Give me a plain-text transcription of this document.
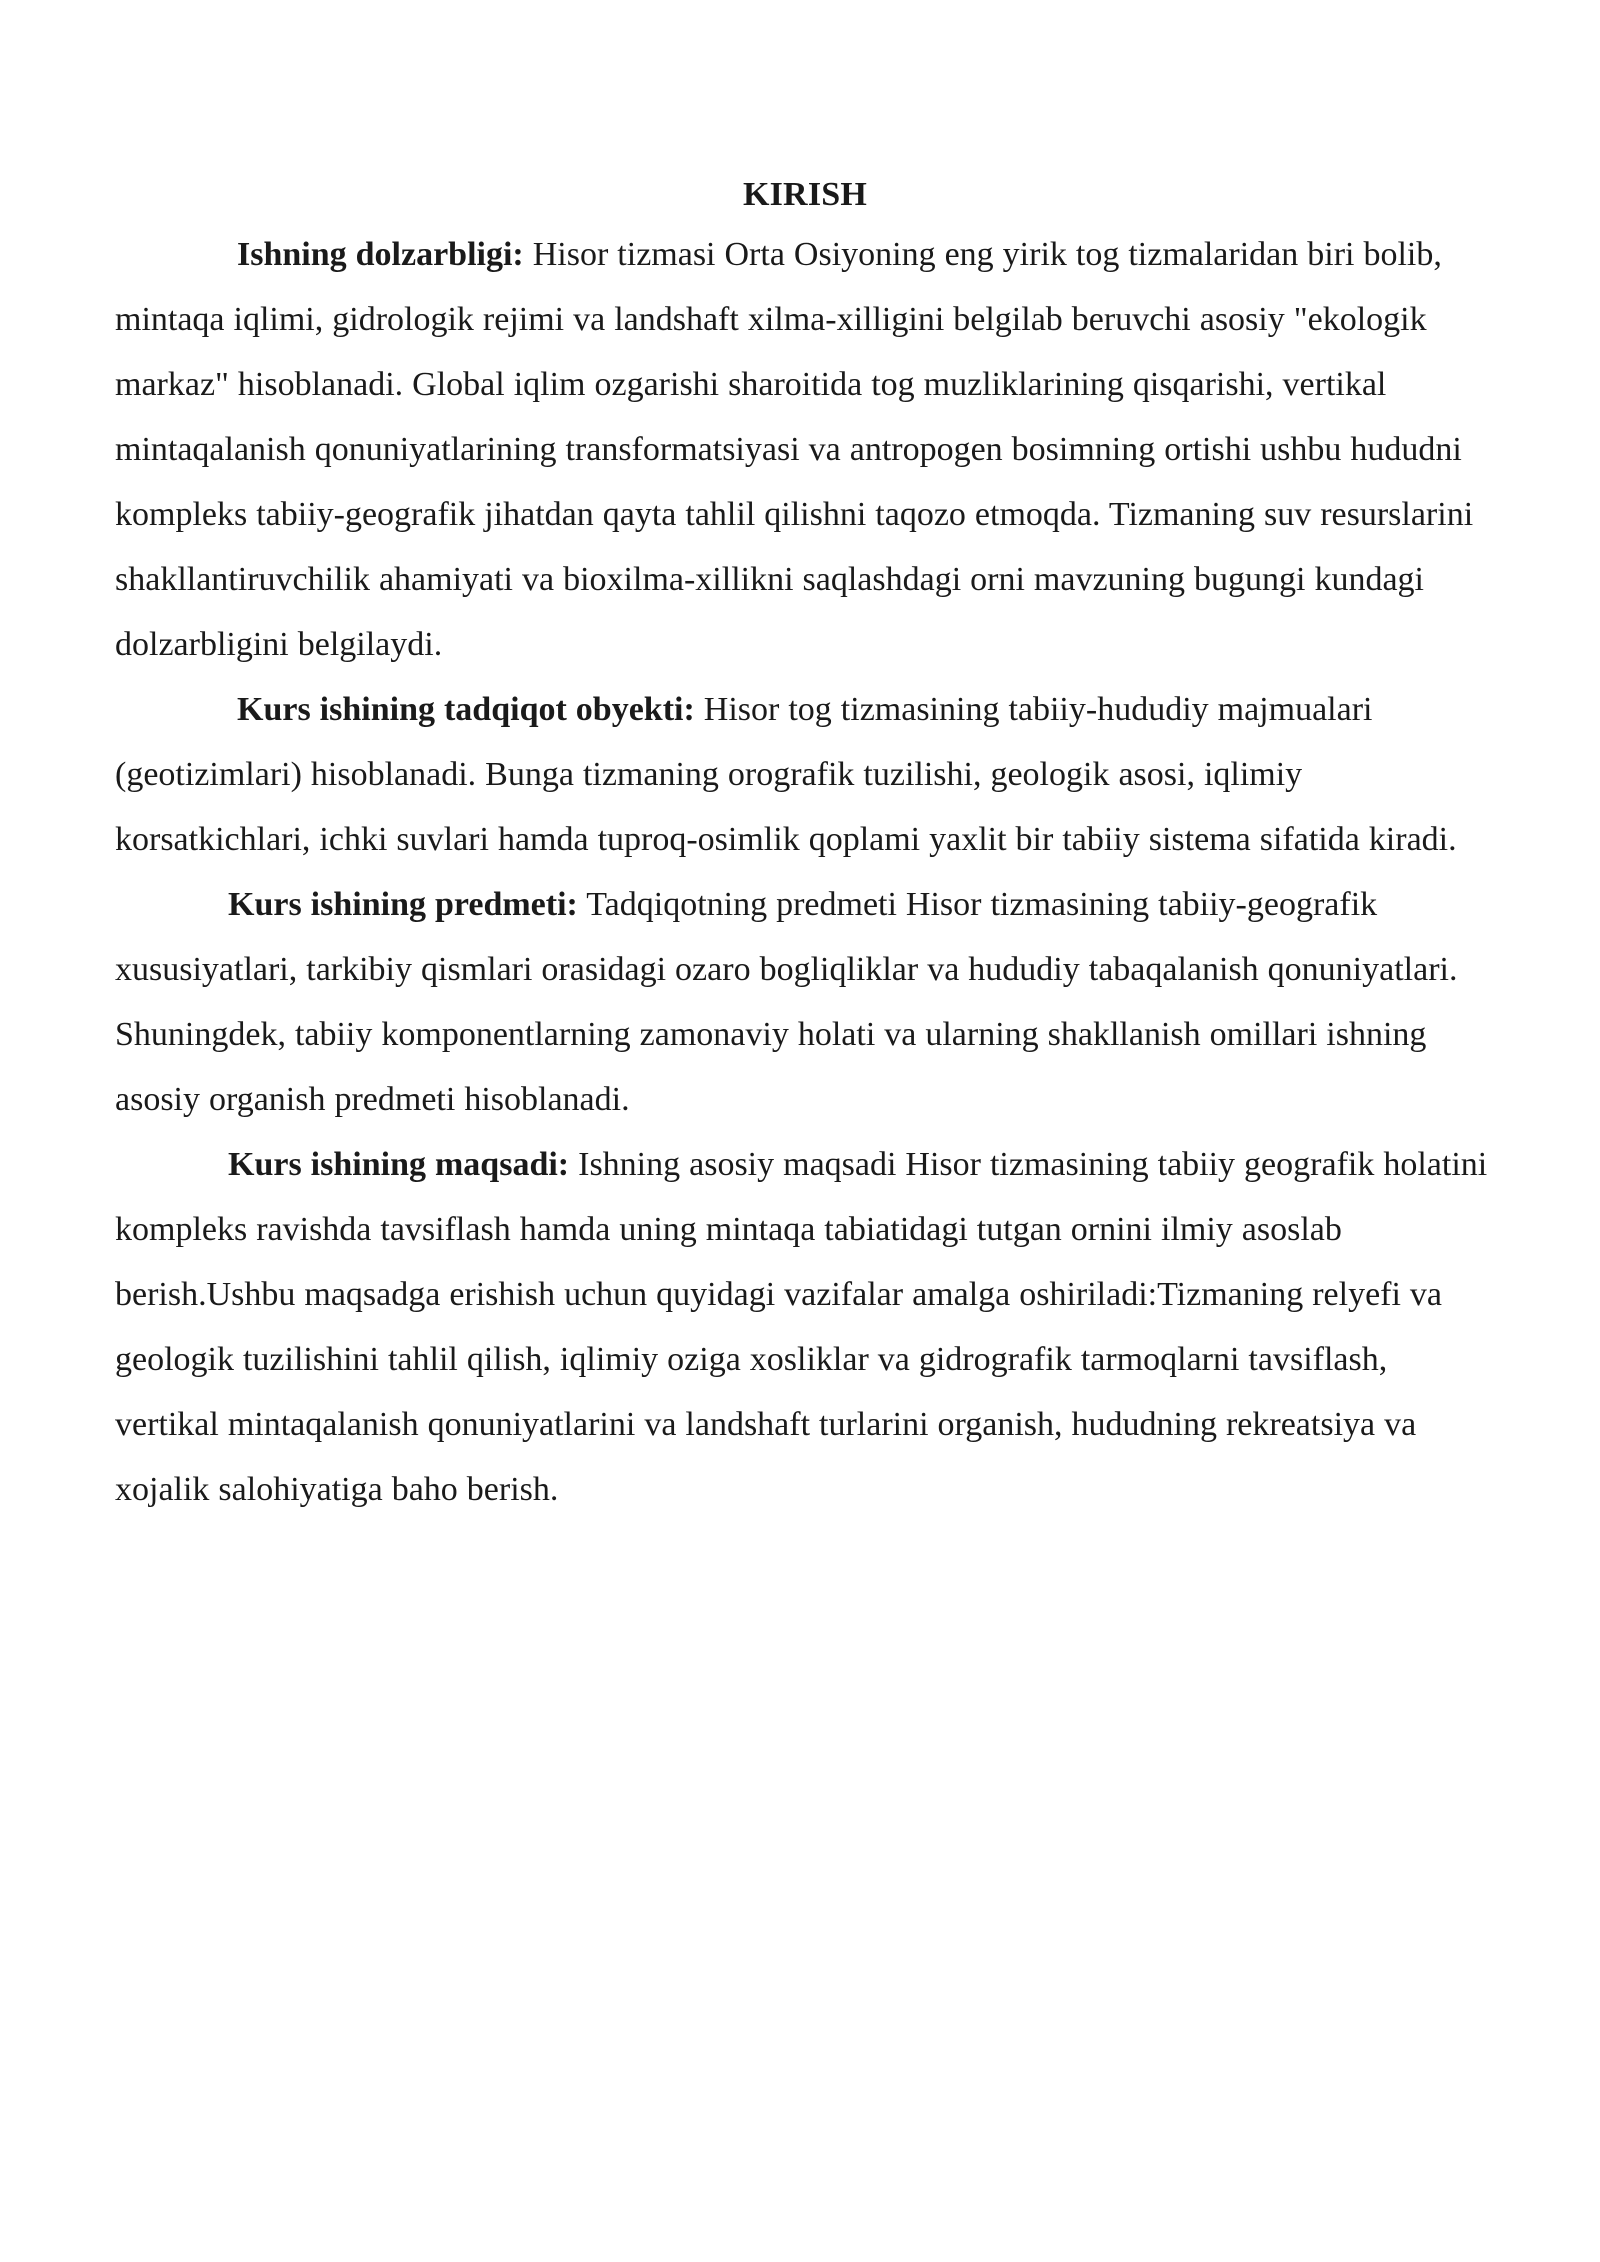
KIRISH

Ishning dolzarbligi: Hisor tizmasi Orta Osiyoning eng yirik tog tizmalaridan biri bolib, mintaqa iqlimi, gidrologik rejimi va landshaft xilma-xilligini belgilab beruvchi asosiy "ekologik markaz" hisoblanadi. Global iqlim ozgarishi sharoitida tog muzliklarining qisqarishi, vertikal mintaqalanish qonuniyatlarining transformatsiyasi va antropogen bosimning ortishi ushbu hududni kompleks tabiiy-geografik jihatdan qayta tahlil qilishni taqozo etmoqda. Tizmaning suv resurslarini shakllantiruvchilik ahamiyati va bioxilma-xillikni saqlashdagi orni mavzuning bugungi kundagi dolzarbligini belgilaydi.

Kurs ishining tadqiqot obyekti: Hisor tog tizmasining tabiiy-hududiy majmualari (geotizimlari) hisoblanadi. Bunga tizmaning orografik tuzilishi, geologik asosi, iqlimiy korsatkichlari, ichki suvlari hamda tuproq-osimlik qoplami yaxlit bir tabiiy sistema sifatida kiradi.

Kurs ishining predmeti: Tadqiqotning predmeti Hisor tizmasining tabiiy-geografik xususiyatlari, tarkibiy qismlari orasidagi ozaro bogliqliklar va hududiy tabaqalanish qonuniyatlari. Shuningdek, tabiiy komponentlarning zamonaviy holati va ularning shakllanish omillari ishning asosiy organish predmeti hisoblanadi.

Kurs ishining maqsadi: Ishning asosiy maqsadi Hisor tizmasining tabiiy geografik holatini kompleks ravishda tavsiflash hamda uning mintaqa tabiatidagi tutgan ornini ilmiy asoslab berish.Ushbu maqsadga erishish uchun quyidagi vazifalar amalga oshiriladi:Tizmaning relyefi va geologik tuzilishini tahlil qilish, iqlimiy oziga xosliklar va gidrografik tarmoqlarni tavsiflash, vertikal mintaqalanish qonuniyatlarini va landshaft turlarini organish, hududning rekreatsiya va xojalik salohiyatiga baho berish.
